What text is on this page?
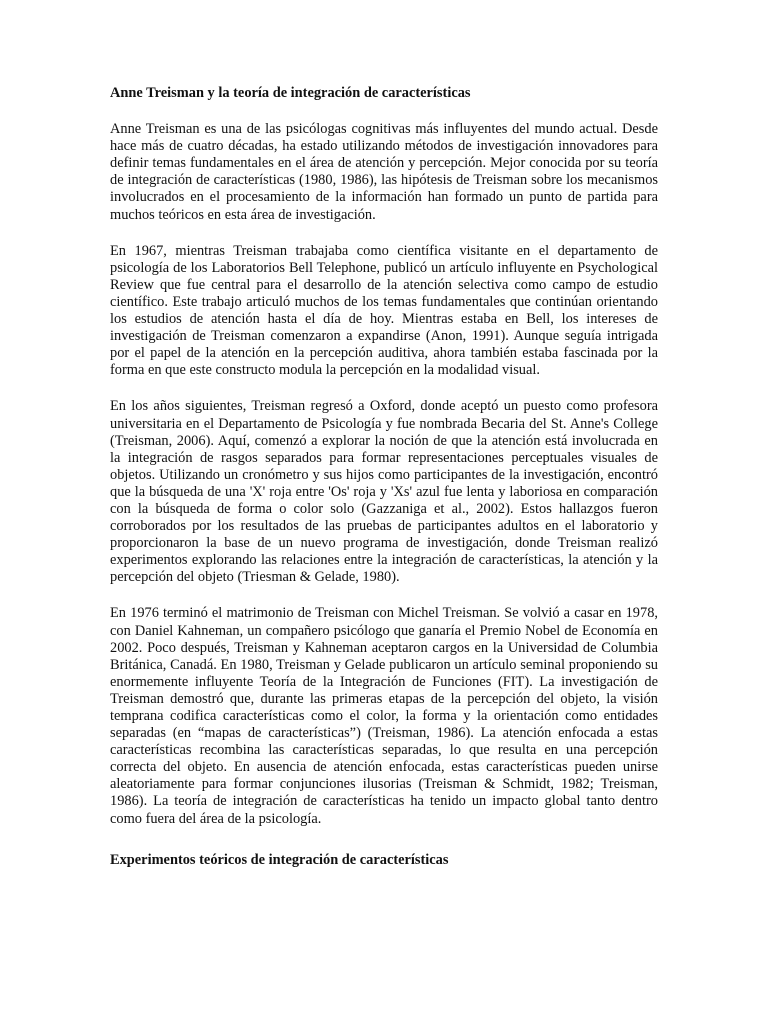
Anne Treisman y la teoría de integración de características

Anne Treisman es una de las psicólogas cognitivas más influyentes del mundo actual. Desde hace más de cuatro décadas, ha estado utilizando métodos de investigación innovadores para definir temas fundamentales en el área de atención y percepción. Mejor conocida por su teoría de integración de características (1980, 1986), las hipótesis de Treisman sobre los mecanismos involucrados en el procesamiento de la información han formado un punto de partida para muchos teóricos en esta área de investigación.

En 1967, mientras Treisman trabajaba como científica visitante en el departamento de psicología de los Laboratorios Bell Telephone, publicó un artículo influyente en Psychological Review que fue central para el desarrollo de la atención selectiva como campo de estudio científico. Este trabajo articuló muchos de los temas fundamentales que continúan orientando los estudios de atención hasta el día de hoy. Mientras estaba en Bell, los intereses de investigación de Treisman comenzaron a expandirse (Anon, 1991). Aunque seguía intrigada por el papel de la atención en la percepción auditiva, ahora también estaba fascinada por la forma en que este constructo modula la percepción en la modalidad visual.

En los años siguientes, Treisman regresó a Oxford, donde aceptó un puesto como profesora universitaria en el Departamento de Psicología y fue nombrada Becaria del St. Anne's College (Treisman, 2006). Aquí, comenzó a explorar la noción de que la atención está involucrada en la integración de rasgos separados para formar representaciones perceptuales visuales de objetos. Utilizando un cronómetro y sus hijos como participantes de la investigación, encontró que la búsqueda de una 'X' roja entre 'Os' roja y 'Xs' azul fue lenta y laboriosa en comparación con la búsqueda de forma o color solo (Gazzaniga et al., 2002). Estos hallazgos fueron corroborados por los resultados de las pruebas de participantes adultos en el laboratorio y proporcionaron la base de un nuevo programa de investigación, donde Treisman realizó experimentos explorando las relaciones entre la integración de características, la atención y la percepción del objeto (Triesman & Gelade, 1980).

En 1976 terminó el matrimonio de Treisman con Michel Treisman. Se volvió a casar en 1978, con Daniel Kahneman, un compañero psicólogo que ganaría el Premio Nobel de Economía en 2002. Poco después, Treisman y Kahneman aceptaron cargos en la Universidad de Columbia Británica, Canadá. En 1980, Treisman y Gelade publicaron un artículo seminal proponiendo su enormemente influyente Teoría de la Integración de Funciones (FIT). La investigación de Treisman demostró que, durante las primeras etapas de la percepción del objeto, la visión temprana codifica características como el color, la forma y la orientación como entidades separadas (en “mapas de características”) (Treisman, 1986). La atención enfocada a estas características recombina las características separadas, lo que resulta en una percepción correcta del objeto. En ausencia de atención enfocada, estas características pueden unirse aleatoriamente para formar conjunciones ilusorias (Treisman & Schmidt, 1982; Treisman, 1986). La teoría de integración de características ha tenido un impacto global tanto dentro como fuera del área de la psicología.

Experimentos teóricos de integración de características
